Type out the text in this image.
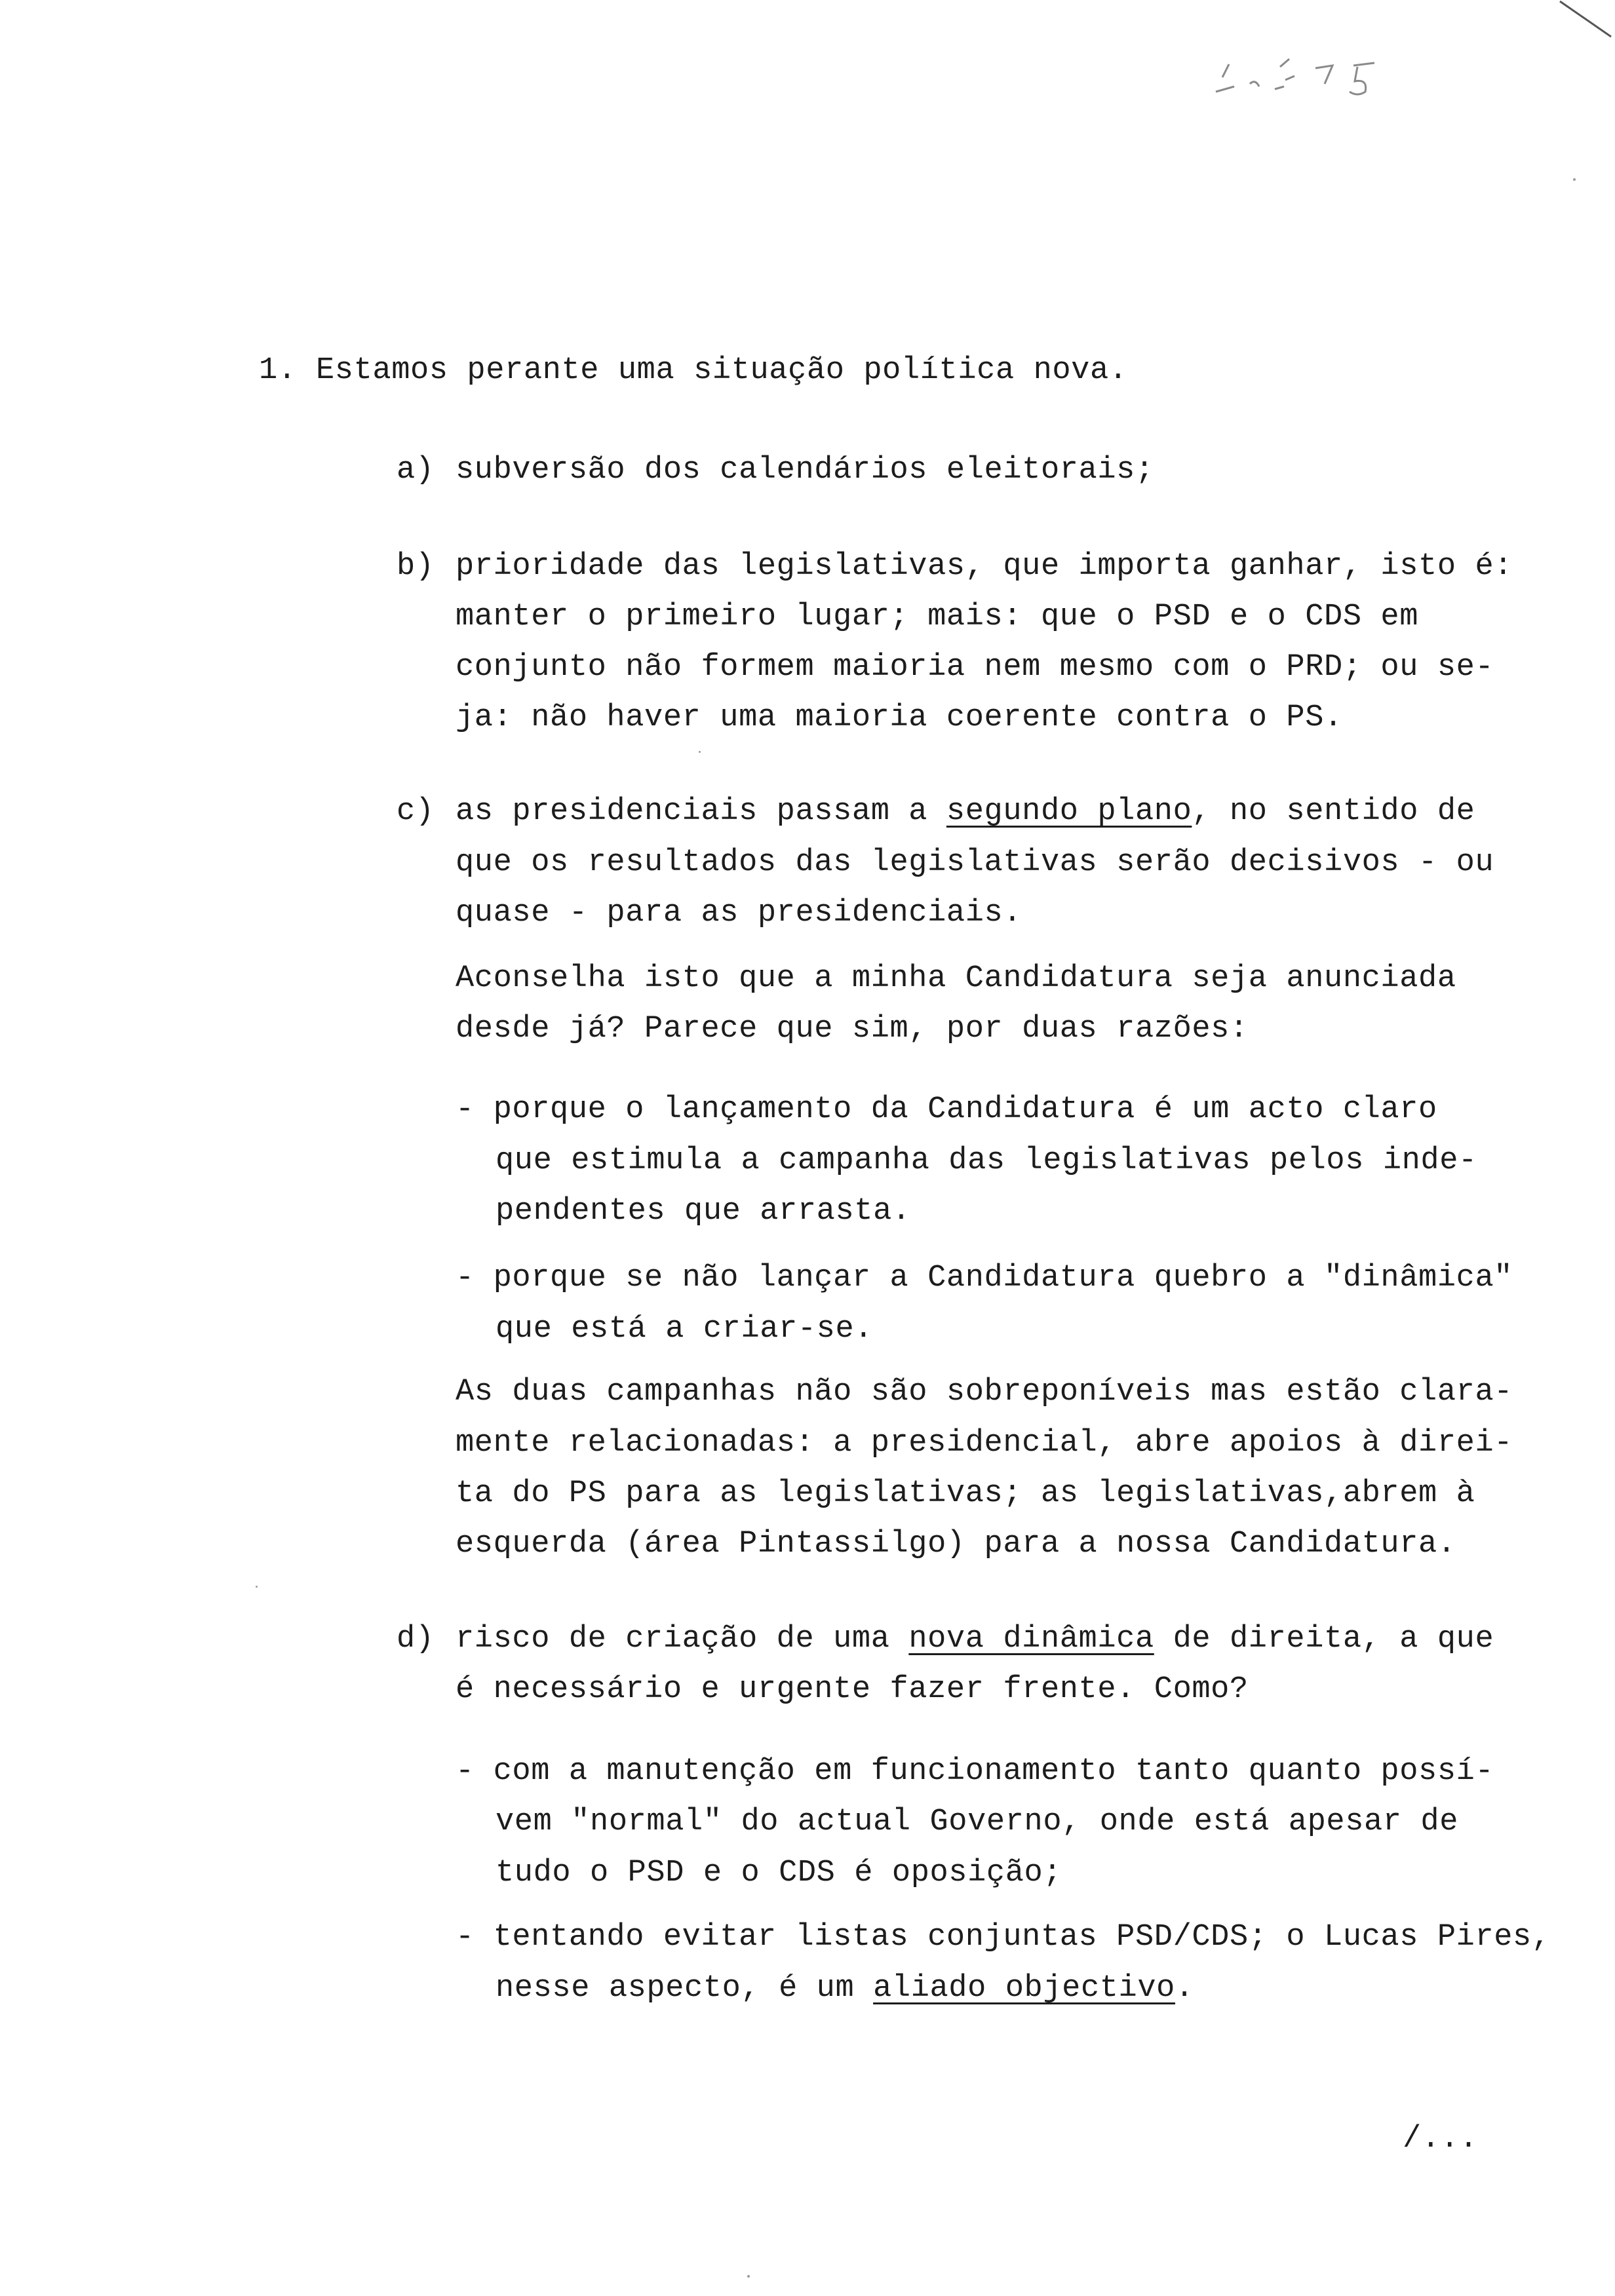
1. Estamos perante uma situação política nova.
a) subversão dos calendários eleitorais;
b) prioridade das legislativas, que importa ganhar, isto é:
manter o primeiro lugar; mais: que o PSD e o CDS em
conjunto não formem maioria nem mesmo com o PRD; ou se-
ja: não haver uma maioria coerente contra o PS.
c) as presidenciais passam a segundo plano, no sentido de
que os resultados das legislativas serão decisivos - ou
quase - para as presidenciais.
Aconselha isto que a minha Candidatura seja anunciada
desde já? Parece que sim, por duas razões:
- porque o lançamento da Candidatura é um acto claro
que estimula a campanha das legislativas pelos inde-
pendentes que arrasta.
- porque se não lançar a Candidatura quebro a "dinâmica"
que está a criar-se.
As duas campanhas não são sobreponíveis mas estão clara-
mente relacionadas: a presidencial, abre apoios à direi-
ta do PS para as legislativas; as legislativas,abrem à
esquerda (área Pintassilgo) para a nossa Candidatura.
d) risco de criação de uma nova dinâmica de direita, a que
é necessário e urgente fazer frente. Como?
- com a manutenção em funcionamento tanto quanto possí-
vem "normal" do actual Governo, onde está apesar de
tudo o PSD e o CDS é oposição;
- tentando evitar listas conjuntas PSD/CDS; o Lucas Pires,
nesse aspecto, é um aliado objectivo.
/...
